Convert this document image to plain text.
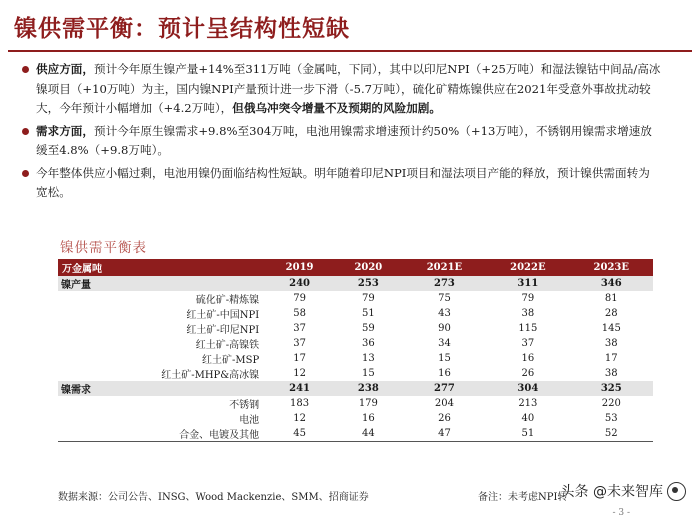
镍供需平衡：预计呈结构性短缺
供应方面，预计今年原生镍产量+14%至311万吨（金属吨，下同），其中以印尼NPI（+25万吨）和湿法镍钴中间品/高冰镍项目（+10万吨）为主，国内镍NPI产量预计进一步下滑（-5.7万吨），硫化矿精炼镍供应在2021年受意外事故扰动较大，今年预计小幅增加（+4.2万吨），但俄乌冲突令增量不及预期的风险加剧。
需求方面，预计今年原生镍需求+9.8%至304万吨，电池用镍需求增速预计约50%（+13万吨），不锈钢用镍需求增速放缓至4.8%（+9.8万吨）。
今年整体供应小幅过剩，电池用镍仍面临结构性短缺。明年随着印尼NPI项目和湿法项目产能的释放，预计镍供需面转为宽松。
镍供需平衡表
万金属吨	2019	2020	2021E	2022E	2023E
镍产量	240	253	273	311	346
硫化矿-精炼镍	79	79	75	79	81
红土矿-中国NPI	58	51	43	38	28
红土矿-印尼NPI	37	59	90	115	145
红土矿-高镍铁	37	36	34	37	38
红土矿-MSP	17	13	15	16	17
红土矿-MHP&高冰镍	12	15	16	26	38
镍需求	241	238	277	304	325
不锈钢	183	179	204	213	220
电池	12	16	26	40	53
合金、电镀及其他	45	44	47	51	52
数据来源：公司公告、INSG、Wood Mackenzie、SMM、招商证券	备注：未考虑NPI转
头条 @未来智库
- 3 -
